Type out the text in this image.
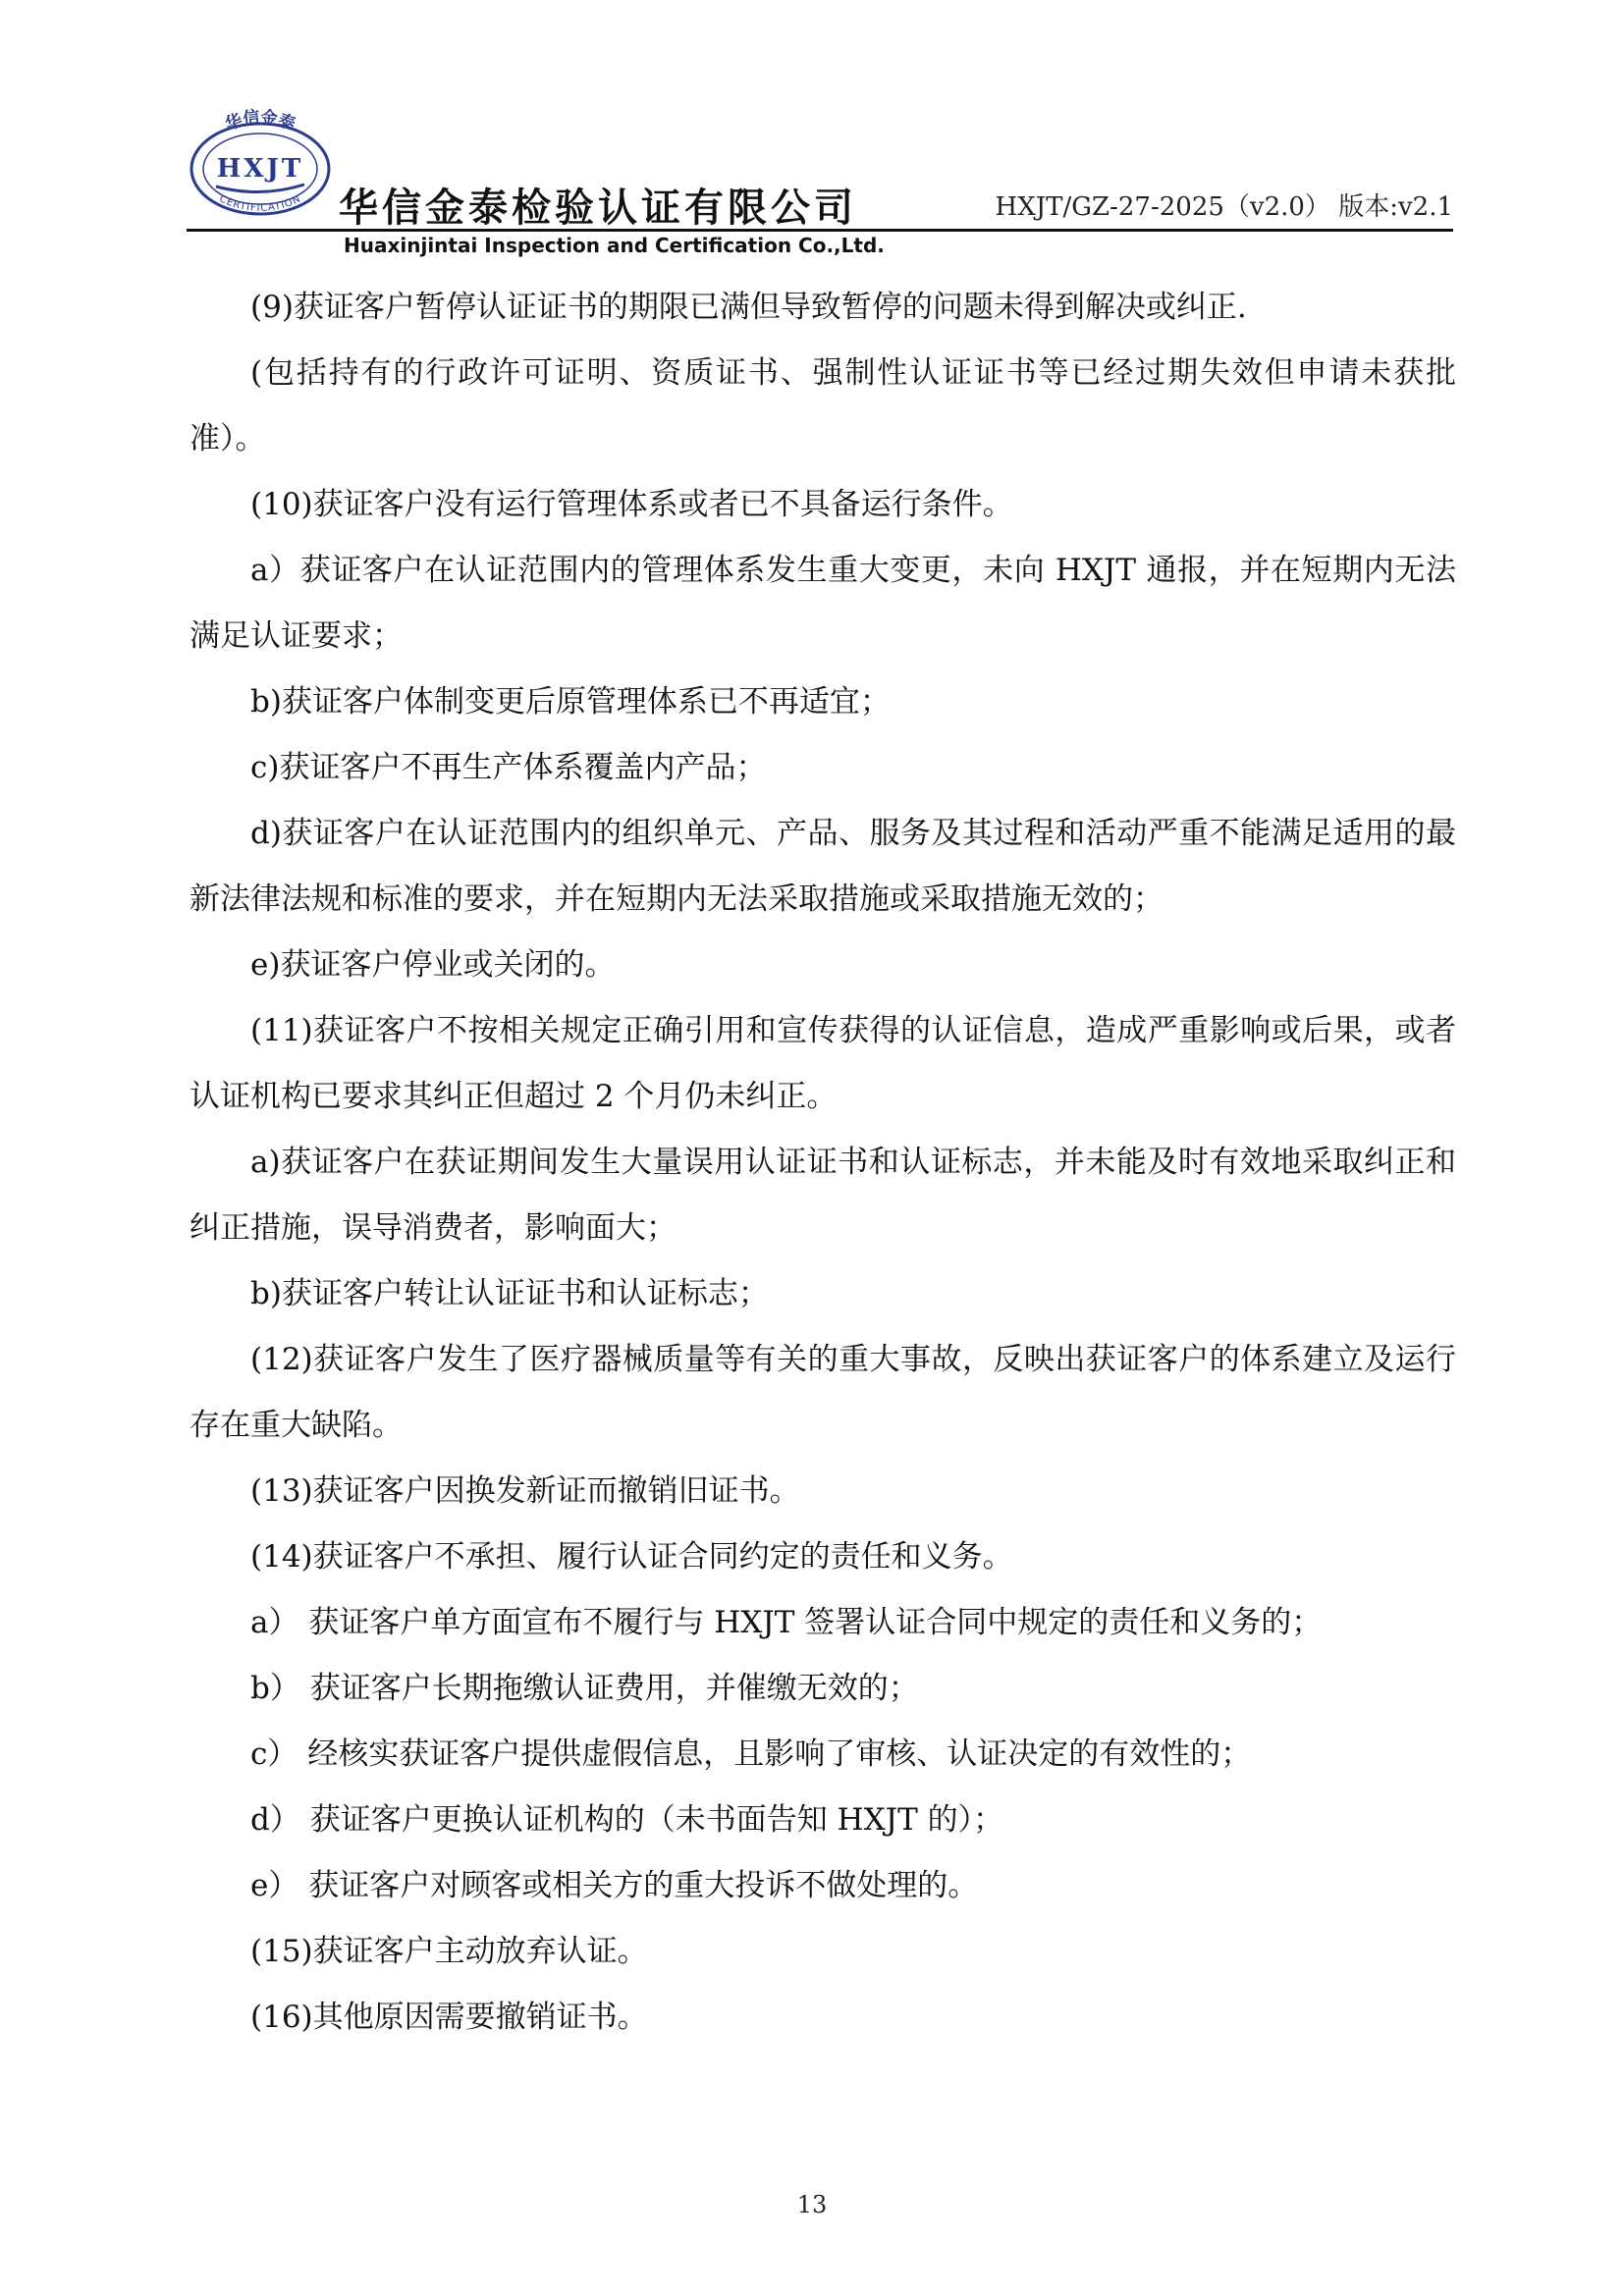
华信金泰
HXJT
CERTIFICATION 华信金泰检验认证有限公司	HXJT/GZ-27-2025（v2.0） 版本:v2.1
Huaxinjintai Inspection and Certification Co.,Ltd.

(9)获证客户暂停认证证书的期限已满但导致暂停的问题未得到解决或纠正.

(包括持有的行政许可证明、资质证书、强制性认证证书等已经过期失效但申请未获批准）。

(10)获证客户没有运行管理体系或者已不具备运行条件。

a）获证客户在认证范围内的管理体系发生重大变更，未向 HXJT 通报，并在短期内无法满足认证要求；

b)获证客户体制变更后原管理体系已不再适宜；

c)获证客户不再生产体系覆盖内产品；

d)获证客户在认证范围内的组织单元、产品、服务及其过程和活动严重不能满足适用的最新法律法规和标准的要求，并在短期内无法采取措施或采取措施无效的；

e)获证客户停业或关闭的。

(11)获证客户不按相关规定正确引用和宣传获得的认证信息，造成严重影响或后果，或者认证机构已要求其纠正但超过 2 个月仍未纠正。

a)获证客户在获证期间发生大量误用认证证书和认证标志，并未能及时有效地采取纠正和纠正措施，误导消费者，影响面大；

b)获证客户转让认证证书和认证标志；

(12)获证客户发生了医疗器械质量等有关的重大事故，反映出获证客户的体系建立及运行存在重大缺陷。

(13)获证客户因换发新证而撤销旧证书。

(14)获证客户不承担、履行认证合同约定的责任和义务。

a） 获证客户单方面宣布不履行与 HXJT 签署认证合同中规定的责任和义务的；

b） 获证客户长期拖缴认证费用，并催缴无效的；

c） 经核实获证客户提供虚假信息，且影响了审核、认证决定的有效性的；

d） 获证客户更换认证机构的（未书面告知 HXJT 的）；

e） 获证客户对顾客或相关方的重大投诉不做处理的。

(15)获证客户主动放弃认证。

(16)其他原因需要撤销证书。

13
